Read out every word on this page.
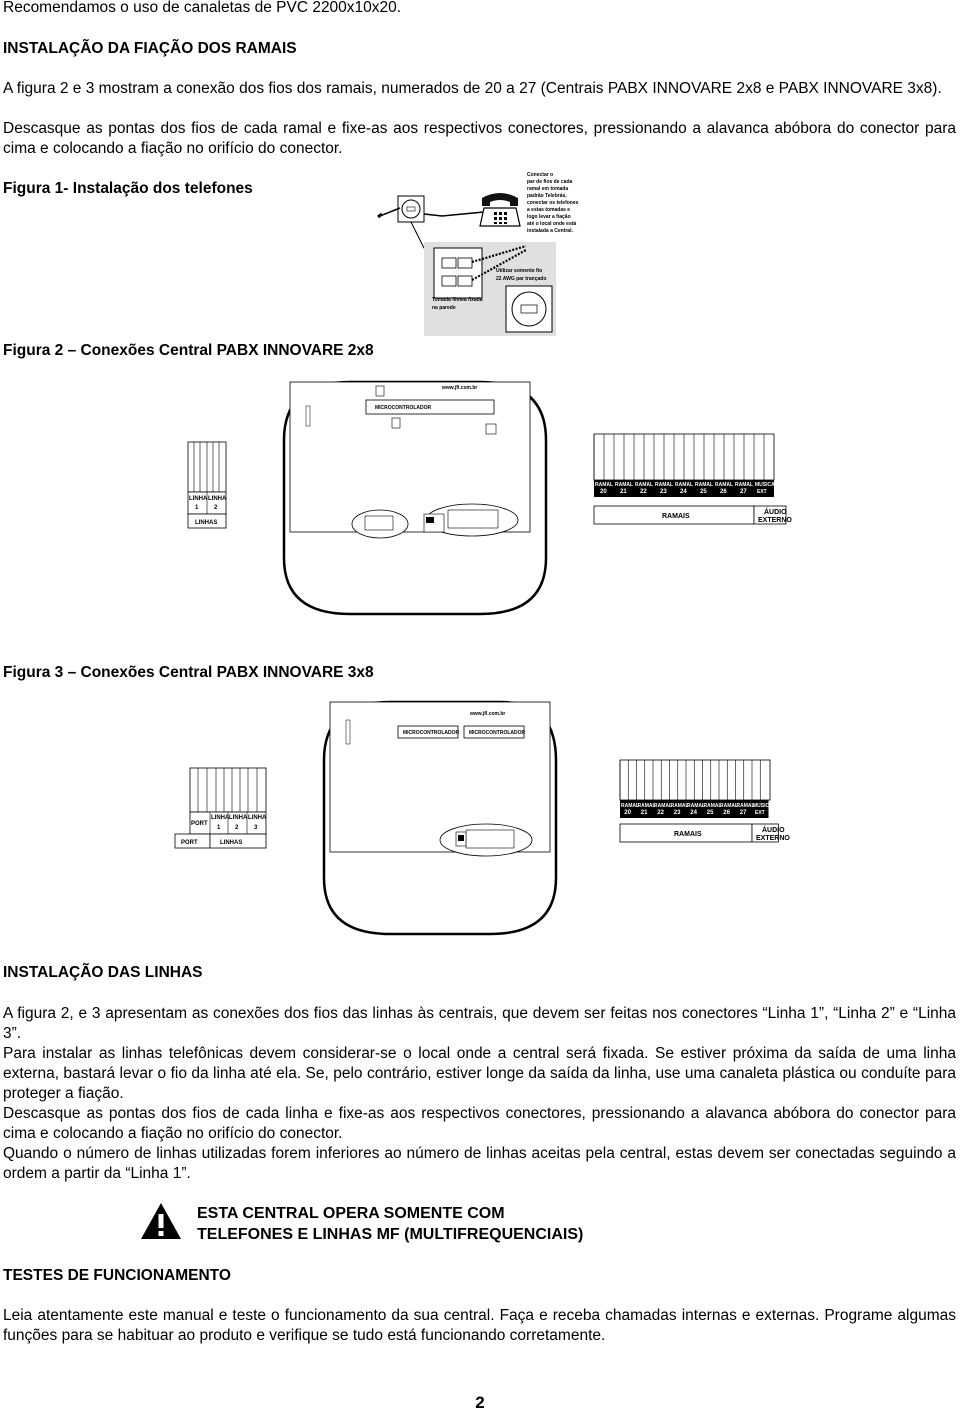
Recomendamos o uso de canaletas de PVC 2200x10x20.

INSTALAÇÃO DA FIAÇÃO DOS RAMAIS

A figura 2 e 3 mostram a conexão dos fios dos ramais, numerados de 20 a 27 (Centrais PABX INNOVARE 2x8 e PABX INNOVARE 3x8).

Descasque as pontas dos fios de cada ramal e fixe-as aos respectivos conectores, pressionando a alavanca abóbora do conector para cima e colocando a fiação no orifício do conector.

Figura 1- Instalação dos telefones

Conectar o par de fios de cada ramal em tomada padrão Telebrás, conectar os telefones a estas tomadas e logo levar a fiação até o local onde está instalada a Central.
Utilizar somente fio 22 AWG par trançado
Tomada fêmea fixada na parede

Figura 2 – Conexões Central PABX INNOVARE 2x8

MICROCONTROLADOR
www.jfl.com.br
LINHA LINHA
1	2
LINHAS
RAMAL
20
RAMAL
21
RAMAL
22
RAMAL
23
RAMAL
24
RAMAL
25
RAMAL
26
RAMAL
27
MUSICA
EXT
RAMAIS
ÁUDIO
EXTERNO

Figura 3 – Conexões Central PABX INNOVARE 3x8

MICROCONTROLADOR MICROCONTROLADOR
www.jfl.com.br
PORT
LINHA LINHA LINHA
1 2	3
PORT	LINHAS
RAMAL
20
RAMAL
21
RAMAL
22
RAMAL
23
RAMAL
24
RAMAL
25
RAMAL
26
RAMAL
27
MUSICA
EXT
RAMAIS
ÁUDIO
EXTERNO

INSTALAÇÃO DAS LINHAS

A figura 2, e 3 apresentam as conexões dos fios das linhas às centrais, que devem ser feitas nos conectores “Linha 1”, “Linha 2” e “Linha 3”.

Para instalar as linhas telefônicas devem considerar-se o local onde a central será fixada. Se estiver próxima da saída de uma linha externa, bastará levar o fio da linha até ela. Se, pelo contrário, estiver longe da saída da linha, use uma canaleta plástica ou conduíte para proteger a fiação.

Descasque as pontas dos fios de cada linha e fixe-as aos respectivos conectores, pressionando a alavanca abóbora do conector para cima e colocando a fiação no orifício do conector.

Quando o número de linhas utilizadas forem inferiores ao número de linhas aceitas pela central, estas devem ser conectadas seguindo a ordem a partir da “Linha 1”.

ESTA CENTRAL OPERA SOMENTE COM

TELEFONES E LINHAS MF (MULTIFREQUENCIAIS)

TESTES DE FUNCIONAMENTO

Leia atentamente este manual e teste o funcionamento da sua central. Faça e receba chamadas internas e externas. Programe algumas funções para se habituar ao produto e verifique se tudo está funcionando corretamente.

2
